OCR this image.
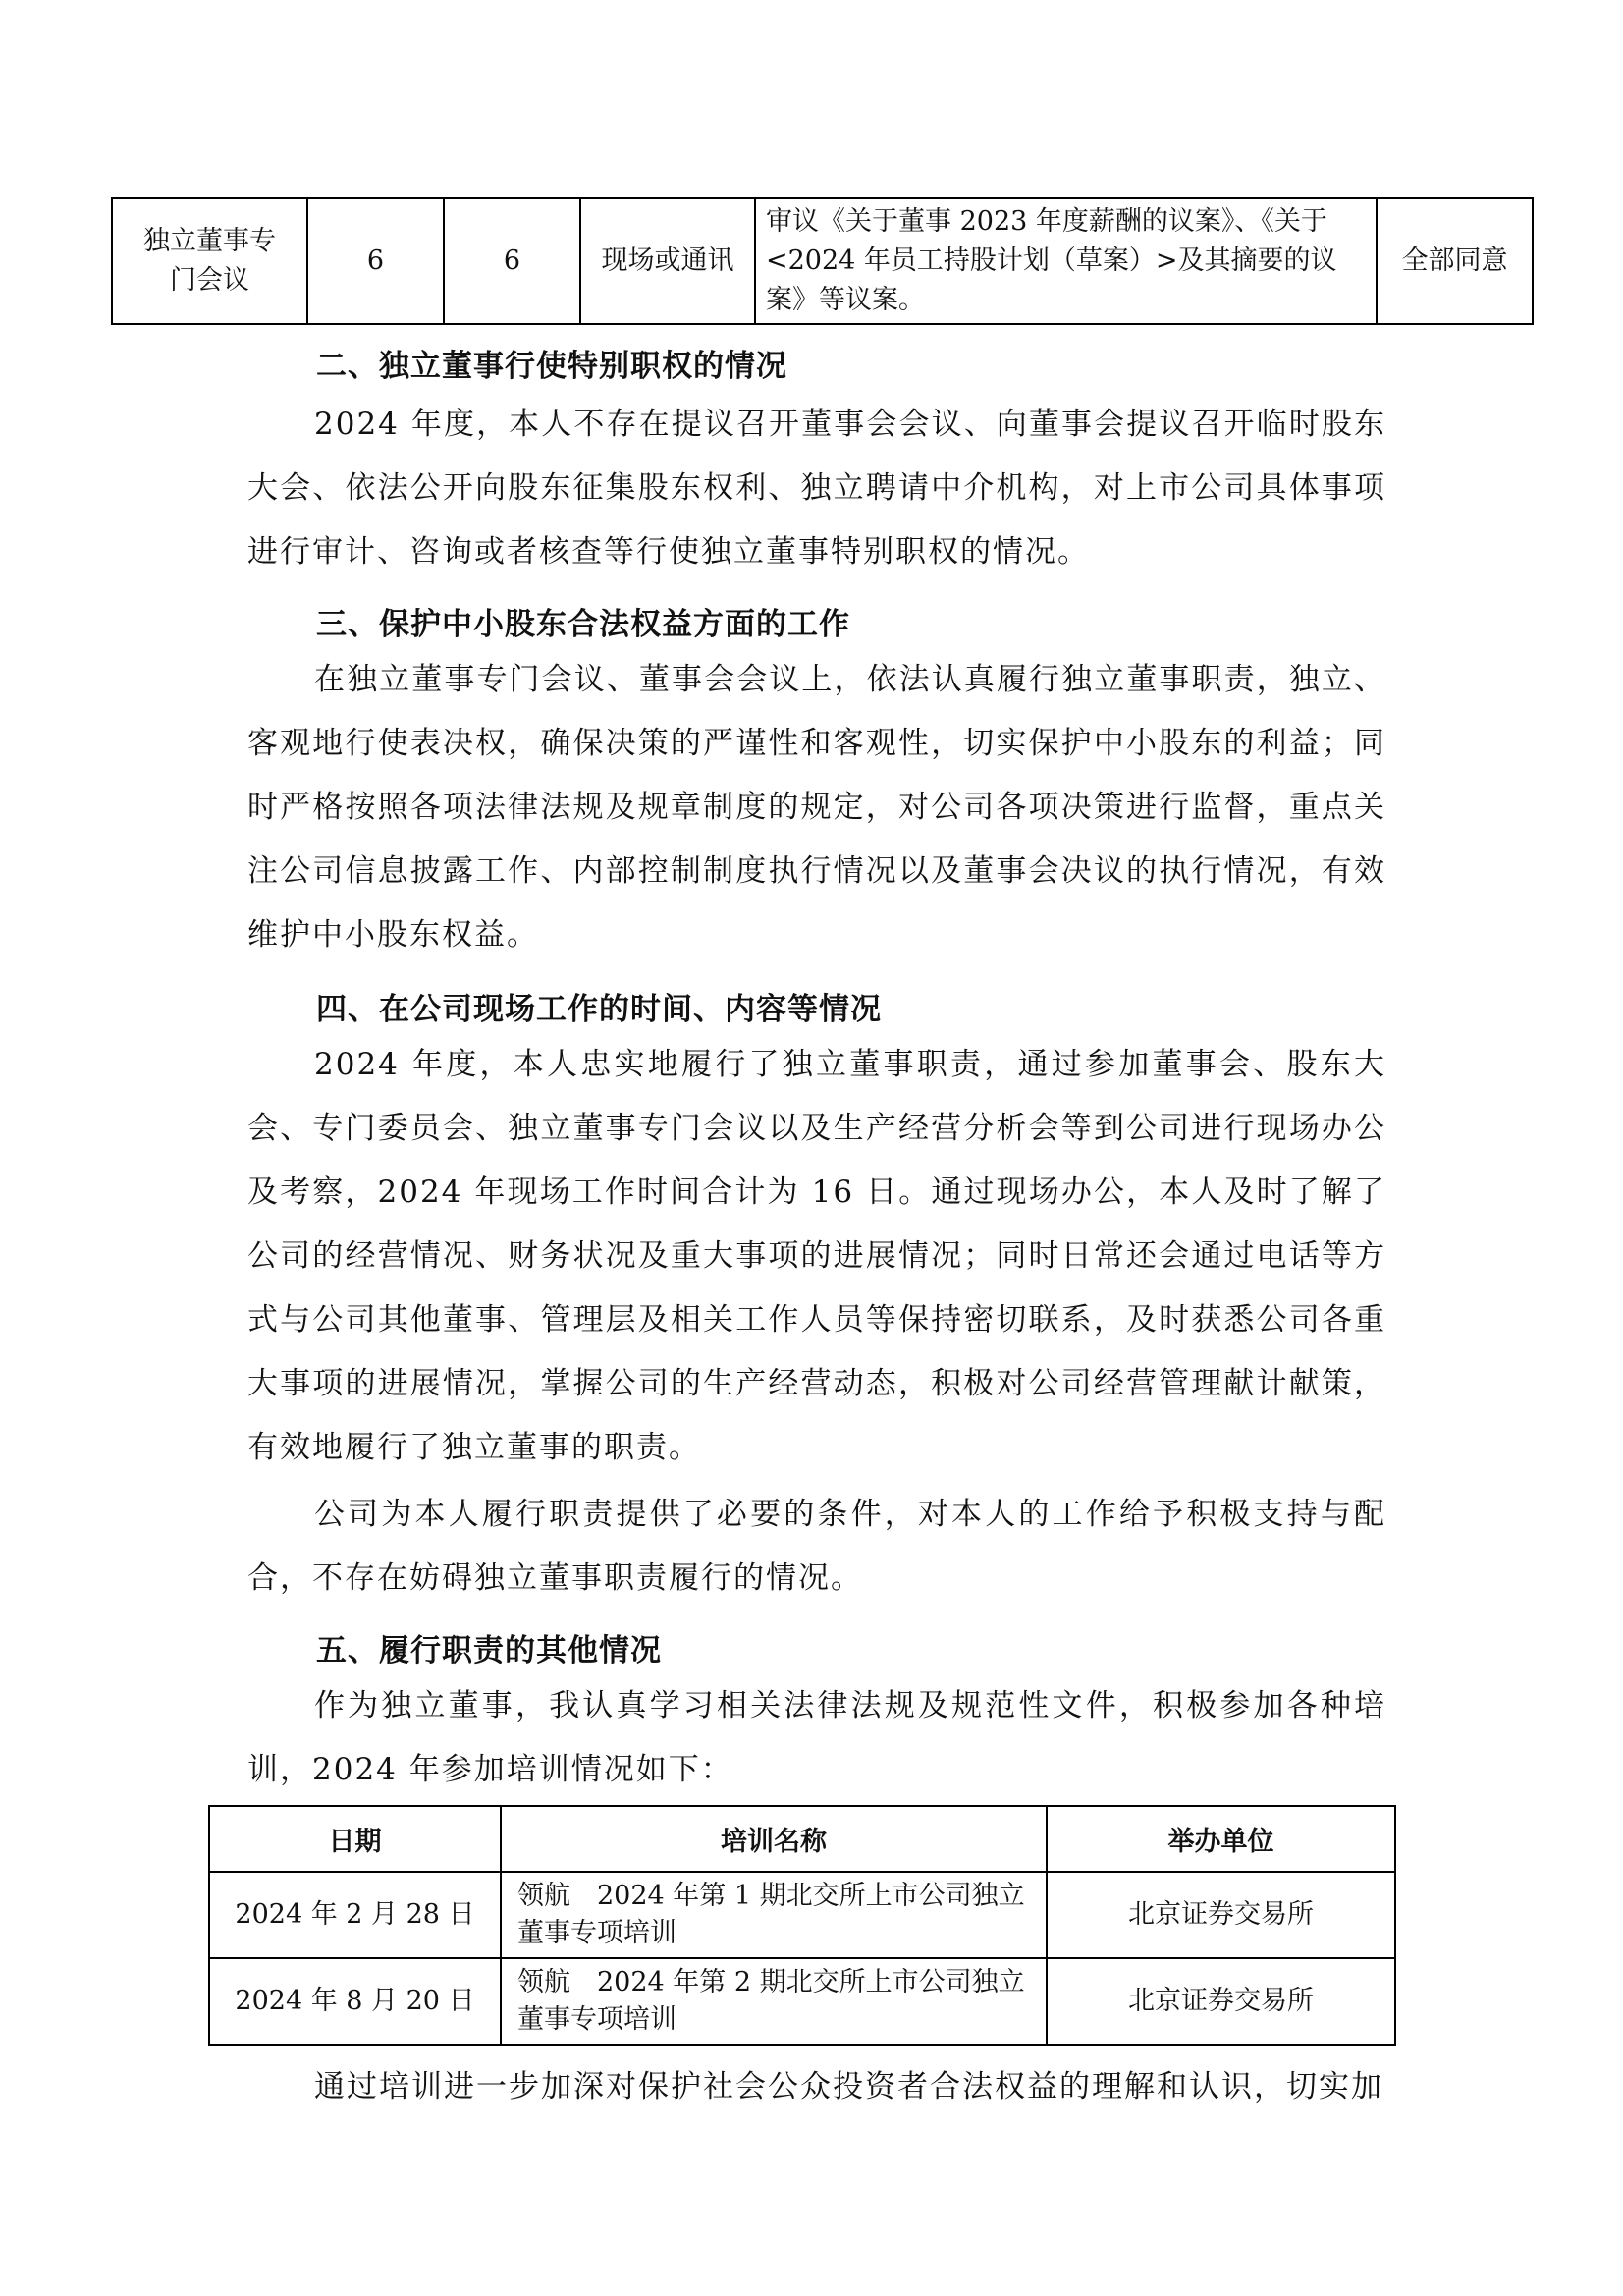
独立董事专门会议	6	6	现场或通讯	审议《关于董事 2023 年度薪酬的议案》、《关于<2024 年员工持股计划（草案）>及其摘要的议案》等议案。	全部同意
二、独立董事行使特别职权的情况
2024 年度，本人不存在提议召开董事会会议、向董事会提议召开临时股东大会、依法公开向股东征集股东权利、独立聘请中介机构，对上市公司具体事项进行审计、咨询或者核查等行使独立董事特别职权的情况。
三、保护中小股东合法权益方面的工作
在独立董事专门会议、董事会会议上，依法认真履行独立董事职责，独立、客观地行使表决权，确保决策的严谨性和客观性，切实保护中小股东的利益；同时严格按照各项法律法规及规章制度的规定，对公司各项决策进行监督，重点关注公司信息披露工作、内部控制制度执行情况以及董事会决议的执行情况，有效维护中小股东权益。
四、在公司现场工作的时间、内容等情况
2024 年度，本人忠实地履行了独立董事职责，通过参加董事会、股东大会、专门委员会、独立董事专门会议以及生产经营分析会等到公司进行现场办公及考察，2024 年现场工作时间合计为 16 日。通过现场办公，本人及时了解了公司的经营情况、财务状况及重大事项的进展情况；同时日常还会通过电话等方式与公司其他董事、管理层及相关工作人员等保持密切联系，及时获悉公司各重大事项的进展情况，掌握公司的生产经营动态，积极对公司经营管理献计献策，有效地履行了独立董事的职责。
公司为本人履行职责提供了必要的条件，对本人的工作给予积极支持与配合，不存在妨碍独立董事职责履行的情况。
五、履行职责的其他情况
作为独立董事，我认真学习相关法律法规及规范性文件，积极参加各种培训，2024 年参加培训情况如下：
日期	培训名称	举办单位
2024 年 2 月 28 日	领航　2024 年第 1 期北交所上市公司独立董事专项培训	北京证券交易所
2024 年 8 月 20 日	领航　2024 年第 2 期北交所上市公司独立董事专项培训	北京证券交易所
通过培训进一步加深对保护社会公众投资者合法权益的理解和认识，切实加
